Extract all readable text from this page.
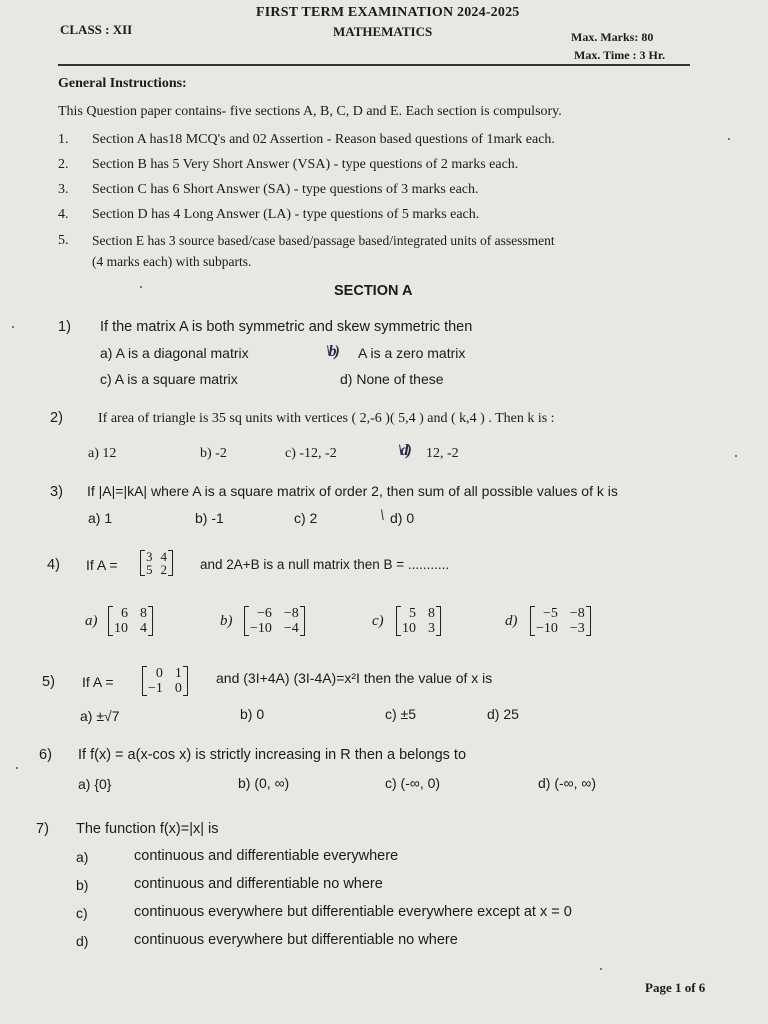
FIRST TERM EXAMINATION 2024-2025
CLASS : XII	MATHEMATICS	Max. Marks: 80
Max. Time : 3 Hr.
General Instructions:
This Question paper contains- five sections A, B, C, D and E. Each section is compulsory.
1. Section A has18 MCQ's and 02 Assertion - Reason based questions of 1mark each.
2. Section B has 5 Very Short Answer (VSA) - type questions of 2 marks each.
3. Section C has 6 Short Answer (SA) - type questions of 3 marks each.
4. Section D has 4 Long Answer (LA) - type questions of 5 marks each.
5. Section E has 3 source based/case based/passage based/integrated units of assessment
(4 marks each) with subparts.
SECTION A
1) If the matrix A is both symmetric and skew symmetric then
a) A is a diagonal matrix	\b) A is a zero matrix
c) A is a square matrix	d) None of these
2)	If area of triangle is 35 sq units with vertices ( 2,-6 )( 5,4 ) and ( k,4 ) . Then k is :
a) 12	b) -2	c) -12, -2	\d) 12, -2
3) If |A|=|kA| where A is a square matrix of order 2, then sum of all possible values of k is
a) 1	b) -1	c) 2	\ d) 0
4) If A =
3 4
5 2 and 2A+B is a null matrix then B = ...........
a)	6 8
10 4	b)	−6 −8
−10 −4	c)	5 8
10 3	d)	−5 −8
−10 −3
5) If A =
0 1
−1 0
and (3I+4A) (3I-4A)=x²I then the value of x is
a) ±√7	b) 0	c) ±5	d) 25
6) If f(x) = a(x-cos x) is strictly increasing in R then a belongs to
a) {0}	b) (0, ∞)	c) (-∞, 0)	d) (-∞, ∞)
7) The function f(x)=|x| is
a)	continuous and differentiable everywhere
b)	continuous and differentiable no where
c)	continuous everywhere but differentiable everywhere except at x = 0
d)	continuous everywhere but differentiable no where
Page 1 of 6
